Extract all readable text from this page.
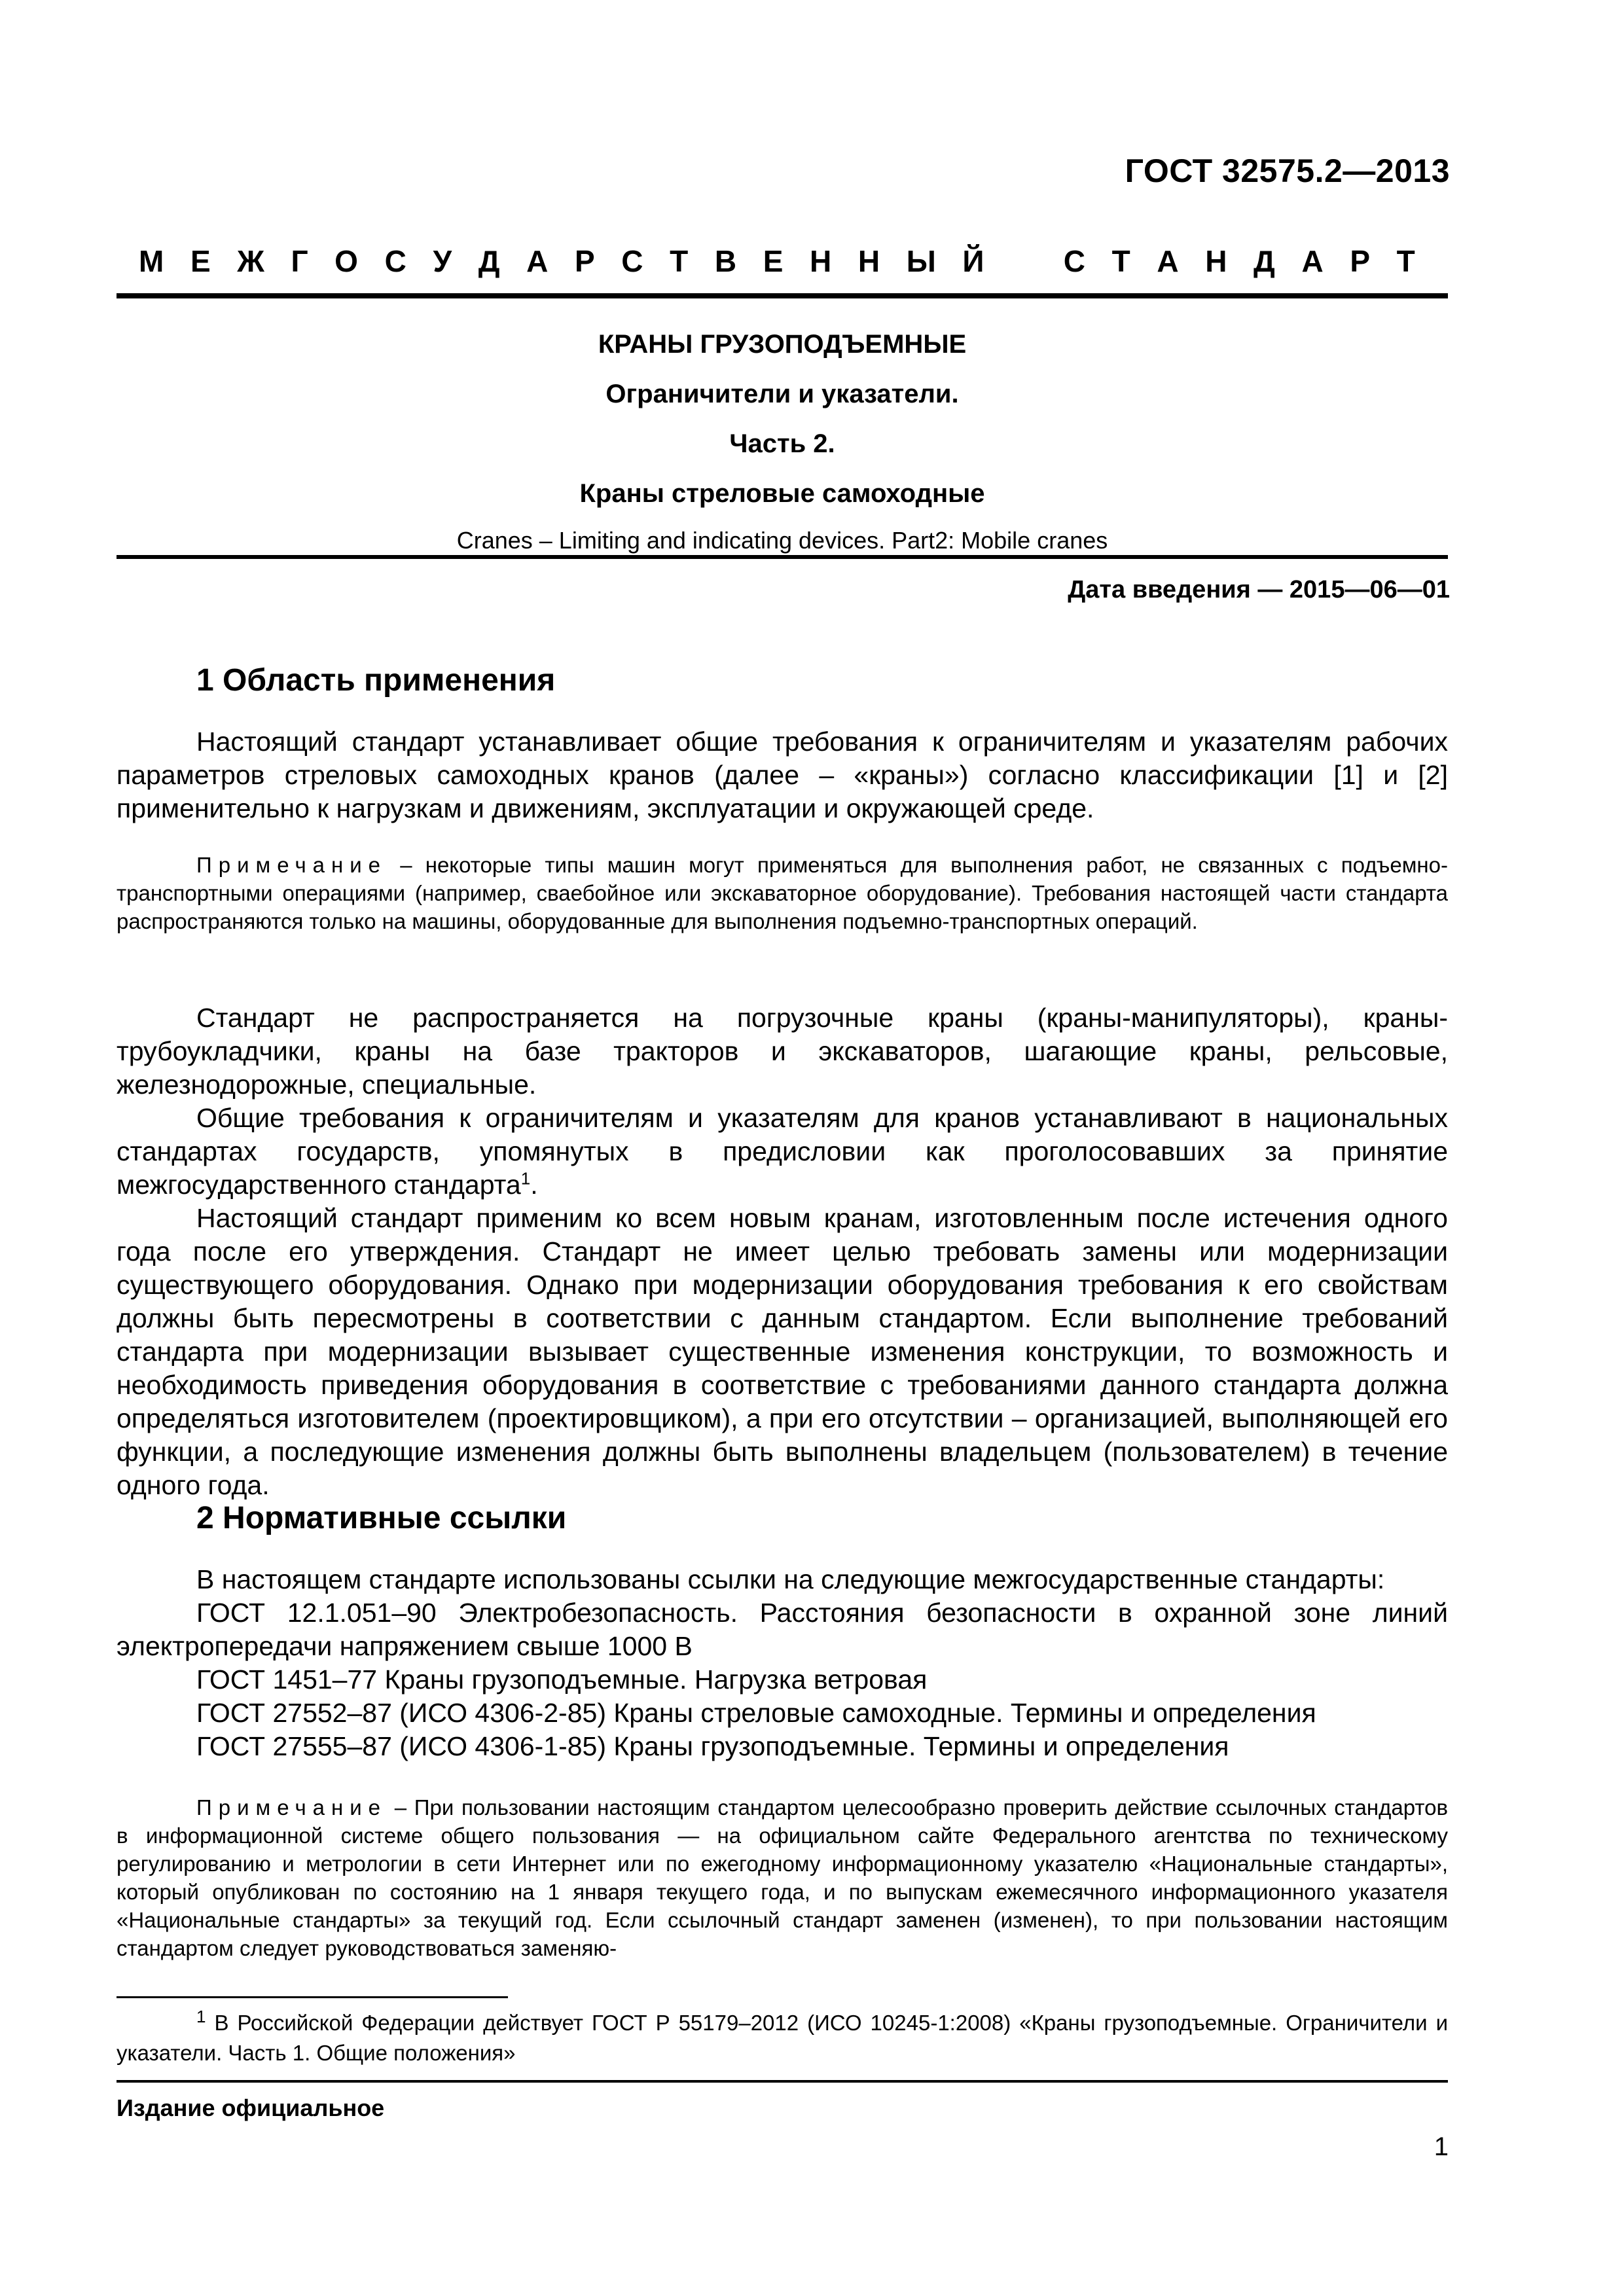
ГОСТ 32575.2—2013
М Е Ж Г О С У Д А Р С Т В Е Н Н Ы Й	С Т А Н Д А Р Т
КРАНЫ ГРУЗОПОДЪЕМНЫЕ
Ограничители и указатели.
Часть 2.
Краны стреловые самоходные
Cranes – Limiting and indicating devices. Part2: Mobile cranes
Дата введения — 2015—06—01
1 Область применения
Настоящий стандарт устанавливает общие требования к ограничителям и указателям рабочих параметров стреловых самоходных кранов (далее – «краны») согласно классификации [1] и [2] применительно к нагрузкам и движениям, эксплуатации и окружающей среде.
Примечание – некоторые типы машин могут применяться для выполнения работ, не связанных с подъемно-транспортными операциями (например, сваебойное или экскаваторное оборудование). Требования настоящей части стандарта распространяются только на машины, оборудованные для выполнения подъемно-транспортных операций.
Стандарт не распространяется на погрузочные краны (краны-манипуляторы), краны-трубоукладчики, краны на базе тракторов и экскаваторов, шагающие краны, рельсовые, железнодорожные, специальные.
Общие требования к ограничителям и указателям для кранов устанавливают в национальных стандартах государств, упомянутых в предисловии как проголосовавших за принятие межгосударственного стандарта$^1$.
Настоящий стандарт применим ко всем новым кранам, изготовленным после истечения одного года после его утверждения. Стандарт не имеет целью требовать замены или модернизации существующего оборудования. Однако при модернизации оборудования требования к его свойствам должны быть пересмотрены в соответствии с данным стандартом. Если выполнение требований стандарта при модернизации вызывает существенные изменения конструкции, то возможность и необходимость приведения оборудования в соответствие с требованиями данного стандарта должна определяться изготовителем (проектировщиком), а при его отсутствии – организацией, выполняющей его функции, а последующие изменения должны быть выполнены владельцем (пользователем) в течение одного года.
2 Нормативные ссылки
В настоящем стандарте использованы ссылки на следующие межгосударственные стандарты:
ГОСТ 12.1.051–90 Электробезопасность. Расстояния безопасности в охранной зоне линий электропередачи напряжением свыше 1000 В
ГОСТ 1451–77 Краны грузоподъемные. Нагрузка ветровая
ГОСТ 27552–87 (ИСО 4306-2-85) Краны стреловые самоходные. Термины и определения
ГОСТ 27555–87 (ИСО 4306-1-85) Краны грузоподъемные. Термины и определения
Примечание – При пользовании настоящим стандартом целесообразно проверить действие ссылочных стандартов в информационной системе общего пользования — на официальном сайте Федерального агентства по техническому регулированию и метрологии в сети Интернет или по ежегодному информационному указателю «Национальные стандарты», который опубликован по состоянию на 1 января текущего года, и по выпускам ежемесячного информационного указателя «Национальные стандарты» за текущий год. Если ссылочный стандарт заменен (изменен), то при пользовании настоящим стандартом следует руководствоваться заменяю-
$^1$ В Российской Федерации действует ГОСТ Р 55179–2012 (ИСО 10245-1:2008) «Краны грузоподъемные. Ограничители и указатели. Часть 1. Общие положения»
Издание официальное
1
